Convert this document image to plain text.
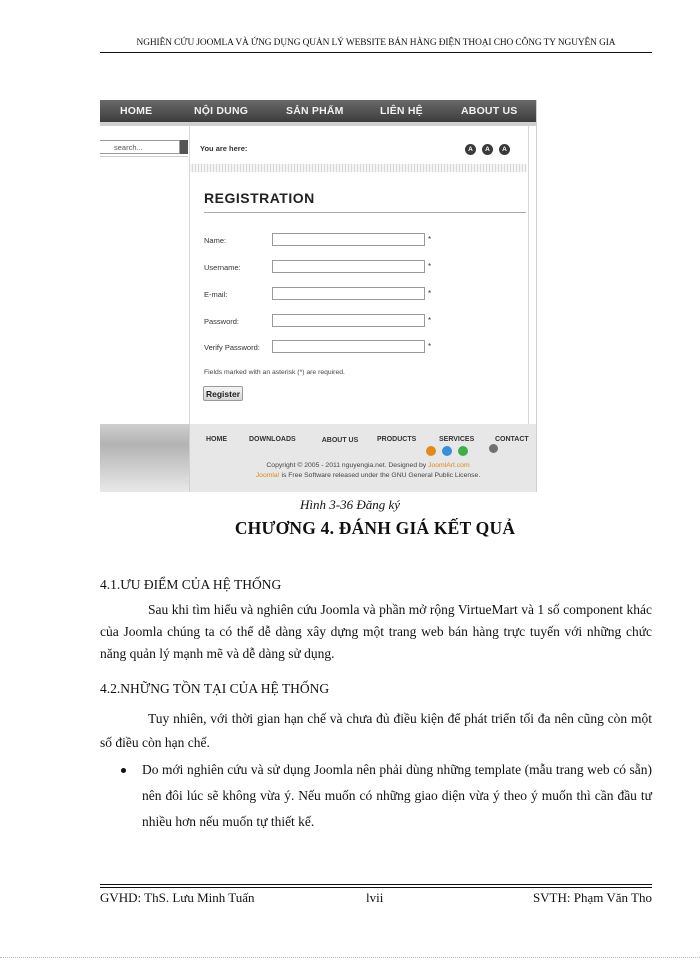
NGHIÊN CỨU JOOMLA VÀ ỨNG DỤNG QUẢN LÝ WEBSITE BÁN HÀNG ĐIỆN THOẠI CHO CÔNG TY NGUYÊN GIA
HOME	NỘI DUNG	SẢN PHẨM	LIÊN HỆ	ABOUT US
search...	You are here:	A	A	A
REGISTRATION
Name:	*
Username:	*
E-mail:	*
Password:	*
Verify Password:	*
Fields marked with an asterisk (*) are required.
Register
HOME	DOWNLOADS	ABOUT US	PRODUCTS	SERVICES	CONTACT
Copyright © 2005 - 2011 nguyengia.net. Designed by JoomlArt.com
Joomla! is Free Software released under the GNU General Public License.
Hình 3-36 Đăng ký
CHƯƠNG 4. ĐÁNH GIÁ KẾT QUẢ
4.1.ƯU ĐIỂM CỦA HỆ THỐNG
Sau khi tìm hiểu và nghiên cứu Joomla và phần mở rộng VirtueMart và 1 số component khác của Joomla chúng ta có thể dễ dàng xây dựng một trang web bán hàng trực tuyến với những chức năng quản lý mạnh mẽ và dễ dàng sử dụng.
4.2.NHỮNG TỒN TẠI CỦA HỆ THỐNG
Tuy nhiên, với thời gian hạn chế và chưa đủ điều kiện để phát triển tối đa nên cũng còn một số điều còn hạn chế.
Do mới nghiên cứu và sử dụng Joomla nên phải dùng những template (mẫu trang web có sẵn) nên đôi lúc sẽ không vừa ý. Nếu muốn có những giao diện vừa ý theo ý muốn thì cần đầu tư nhiều hơn nếu muốn tự thiết kế.
GVHD: ThS. Lưu Minh Tuấn	lvii	SVTH: Phạm Văn Tho
